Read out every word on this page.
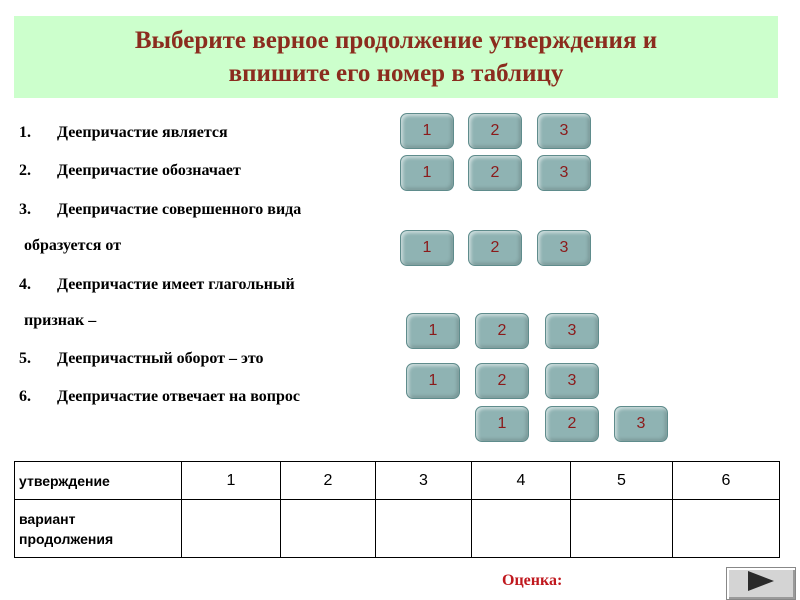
Выберите верное продолжение утверждения и
впишите его номер в таблицу
1. Деепричастие является
2. Деепричастие обозначает
3. Деепричастие совершенного вида
образуется от
4. Деепричастие имеет глагольный
признак –
5. Деепричастный оборот – это
6. Деепричастие отвечает на вопрос
1	2	3
1	2	3
1	2	3
1	2	3
1	2	3
1	2	3
утверждение	1	2	3	4	5	6
вариант
продолжения						
Оценка:
